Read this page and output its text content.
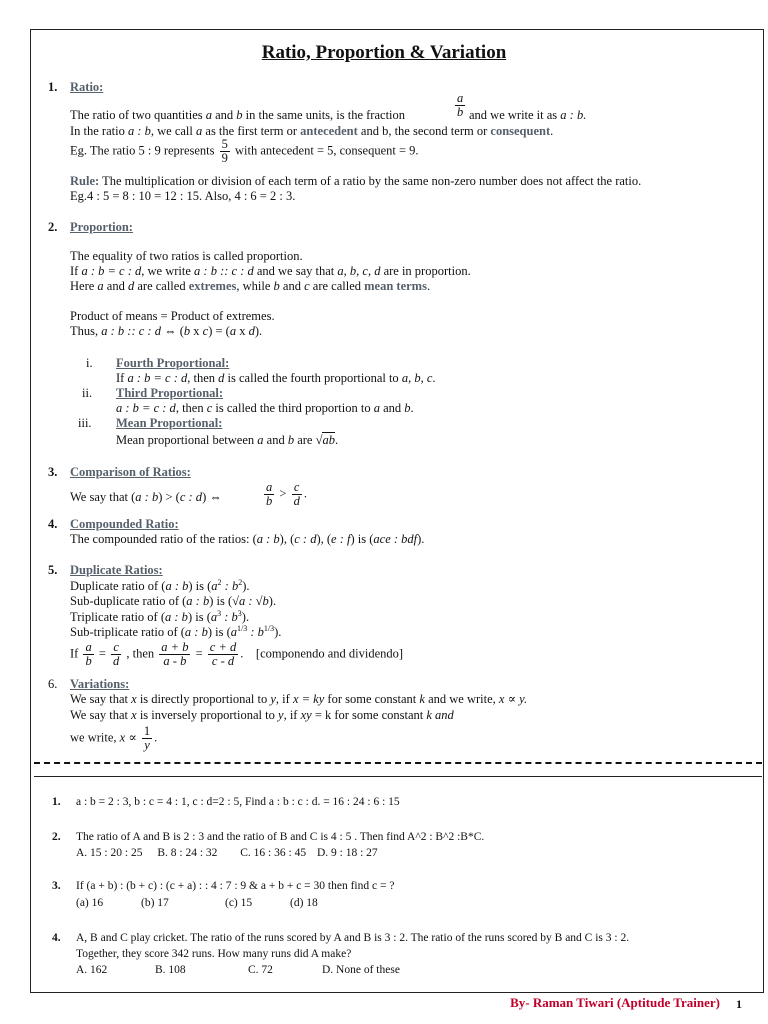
Ratio, Proportion & Variation
1. Ratio:
The ratio of two quantities a and b in the same units, is the fraction	$\frac{a}{b}$ and we write it as a : b.
In the ratio a : b, we call a as the first term or antecedent and b, the second term or consequent.
Eg. The ratio 5 : 9 represents $\frac{5}{9}$ with antecedent = 5, consequent = 9.
Rule: The multiplication or division of each term of a ratio by the same non-zero number does not affect the ratio.
Eg.4 : 5 = 8 : 10 = 12 : 15. Also, 4 : 6 = 2 : 3.
2. Proportion:
The equality of two ratios is called proportion.
If a : b = c : d, we write a : b :: c : d and we say that a, b, c, d are in proportion.
Here a and d are called extremes, while b and c are called mean terms.
Product of means = Product of extremes.
Thus, a : b :: c : d ⇔ (b x c) = (a x d).
i. Fourth Proportional:
If a : b = c : d, then d is called the fourth proportional to a, b, c.
ii. Third Proportional:
a : b = c : d, then c is called the third proportion to a and b.
iii. Mean Proportional:
Mean proportional between a and b are √ab.
3. Comparison of Ratios:
We say that (a : b) > (c : d) ⇔	$\frac{a}{b} > \frac{c}{d}$ .
4. Compounded Ratio:
The compounded ratio of the ratios: (a : b), (c : d), (e : f) is (ace : bdf).
5. Duplicate Ratios:
Duplicate ratio of (a : b) is ($a^2$ : $b^2$).
Sub-duplicate ratio of (a : b) is (√a : √b).
Triplicate ratio of (a : b) is ($a^3$ : $b^3$).
Sub-triplicate ratio of (a : b) is ($a^{1/3}$ : $b^{1/3}$).
If $\frac{a}{b} = \frac{c}{d}$ , then $\frac{a + b}{a - b} = \frac{c + d}{c - d}$ .    [componendo and dividendo]
6. Variations:
We say that x is directly proportional to y, if x = ky for some constant k and we write, x ∝ y.
We say that x is inversely proportional to y, if xy = k for some constant k and
we write, $x \propto \frac{1}{y}$ .
1. a : b = 2 : 3, b : c = 4 : 1, c : d=2 : 5, Find a : b : c : d. = 16 : 24 : 6 : 15
2. The ratio of A and B is 2 : 3 and the ratio of B and C is 4 : 5 . Then find A^2 : B^2 :B*C.
A. 15 : 20 : 25 B. 8 : 24 : 32 C. 16 : 36 : 45 D. 9 : 18 : 27
3. If (a + b) : (b + c) : (c + a) : : 4 : 7 : 9 & a + b + c = 30 then find c = ?
(a) 16	(b) 17	(c) 15	(d) 18
4. A, B and C play cricket. The ratio of the runs scored by A and B is 3 : 2. The ratio of the runs scored by B and C is 3 : 2.
Together, they score 342 runs. How many runs did A make?
A. 162	B. 108	C. 72	D. None of these
By- Raman Tiwari (Aptitude Trainer) 1
